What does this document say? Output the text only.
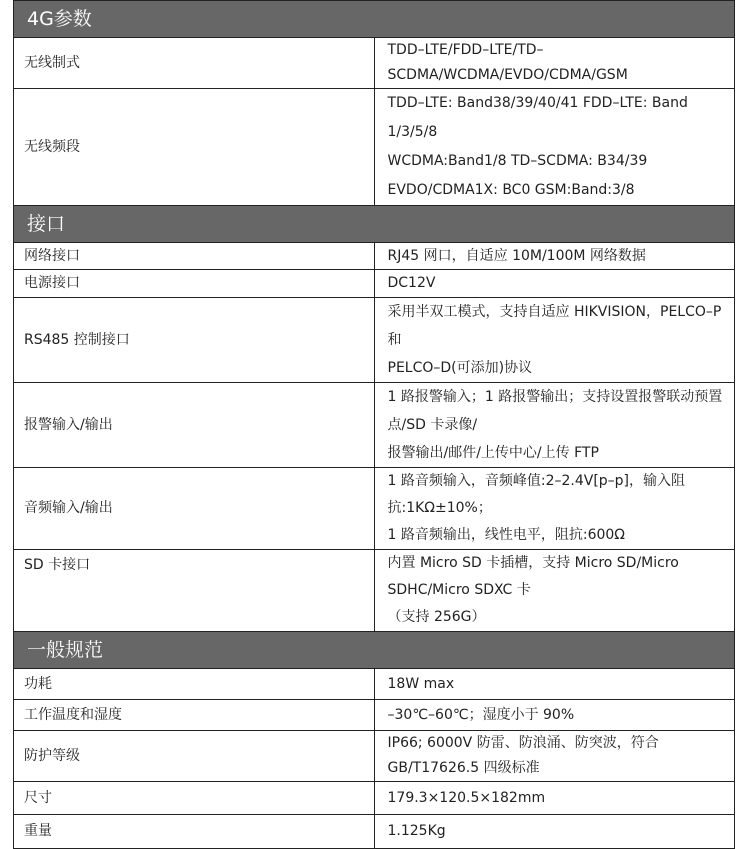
4G参数	
无线制式	TDD–LTE/FDD–LTE/TD–SCDMA/WCDMA/EVDO/CDMA/GSM

无线频段	TDD–LTE: Band38/39/40/41 FDD–LTE: Band 1/3/5/8
WCDMA:Band1/8 TD–SCDMA: B34/39
EVDO/CDMA1X: BC0 GSM:Band:3/8

接口	
网络接口	RJ45 网口，自适应 10M/100M 网络数据

电源接口	DC12V

RS485 控制接口	采用半双工模式，支持自适应 HIKVISION，PELCO–P 和
PELCO–D(可添加)协议

报警输入/输出	1 路报警输入；1 路报警输出；支持设置报警联动预置点/SD 卡录像/
报警输出/邮件/上传中心/上传 FTP

音频输入/输出	1 路音频输入，音频峰值:2–2.4V[p–p]，输入阻抗:1KΩ±10%；
1 路音频输出，线性电平，阻抗:600Ω

SD 卡接口	内置 Micro SD 卡插槽，支持 Micro SD/Micro SDHC/Micro SDXC 卡
（支持 256G）

一般规范	
功耗	18W max

工作温度和湿度	–30℃–60℃；湿度小于 90%

防护等级	IP66; 6000V 防雷、防浪涌、防突波，符合 GB/T17626.5 四级标准

尺寸	179.3×120.5×182mm

重量	1.125Kg
